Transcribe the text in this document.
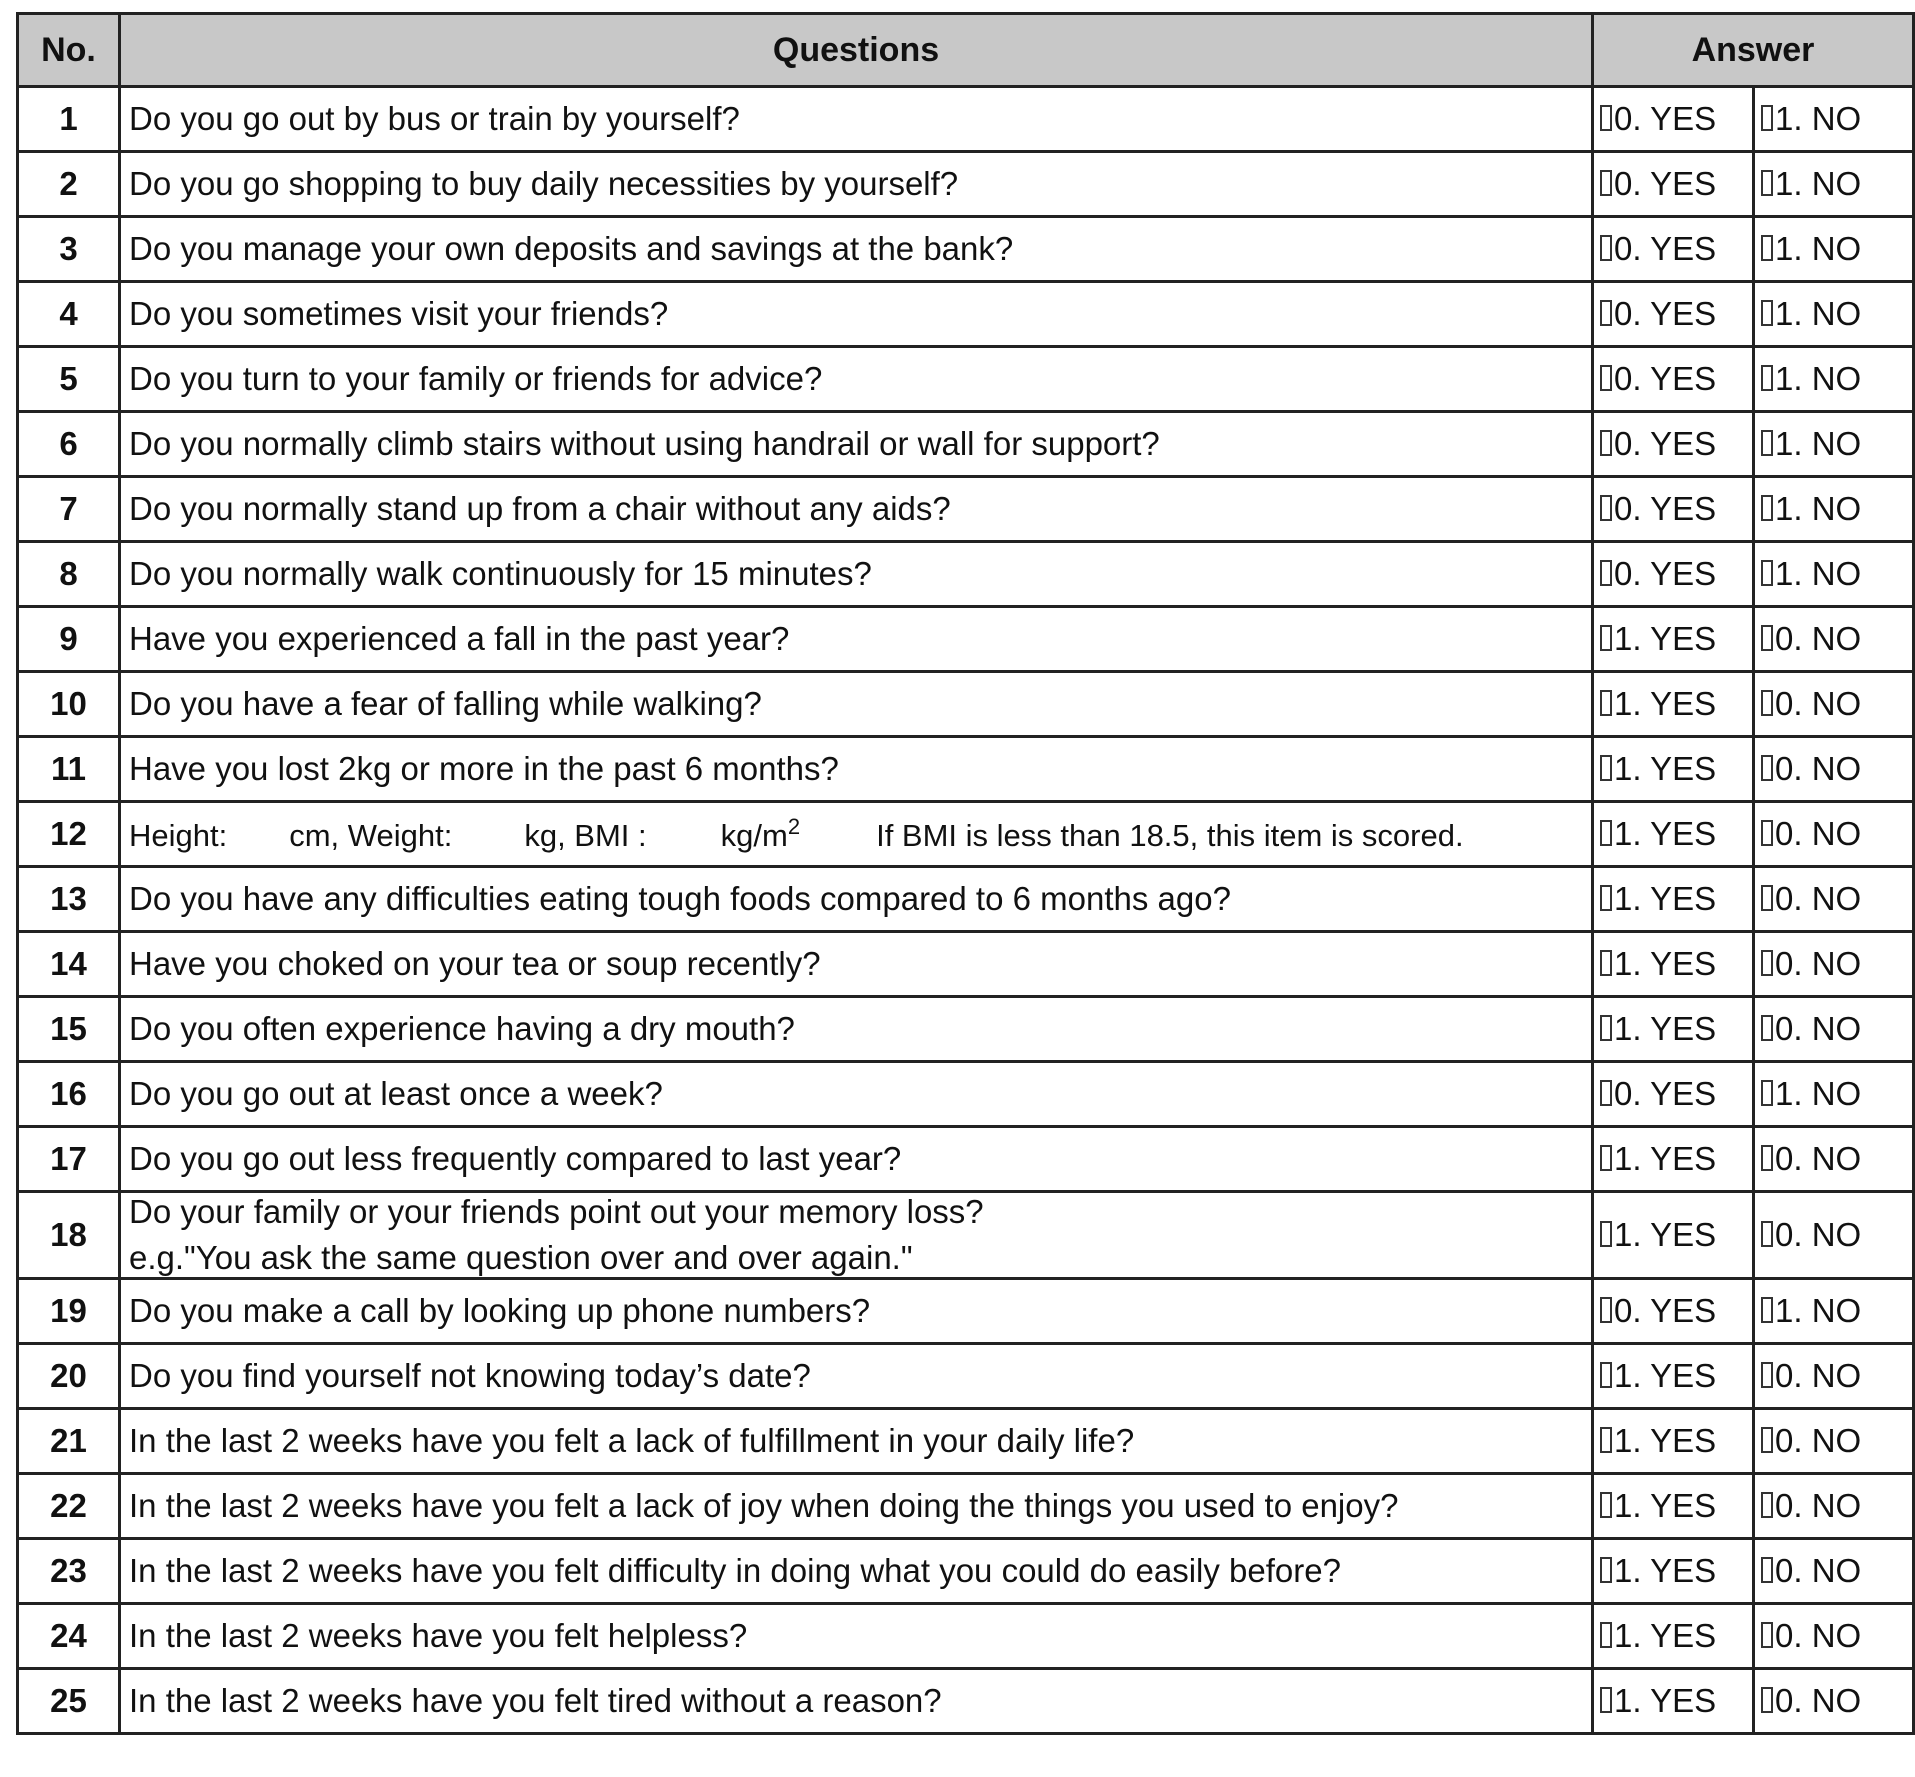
No.	Questions	Answer	
1	Do you go out by bus or train by yourself?	0. YES	1. NO
2	Do you go shopping to buy daily necessities by yourself?	0. YES	1. NO
3	Do you manage your own deposits and savings at the bank?	0. YES	1. NO
4	Do you sometimes visit your friends?	0. YES	1. NO
5	Do you turn to your family or friends for advice?	0. YES	1. NO
6	Do you normally climb stairs without using handrail or wall for support?	0. YES	1. NO
7	Do you normally stand up from a chair without any aids?	0. YES	1. NO
8	Do you normally walk continuously for 15 minutes?	0. YES	1. NO
9	Have you experienced a fall in the past year?	1. YES	0. NO
10	Do you have a fear of falling while walking?	1. YES	0. NO
11	Have you lost 2kg or more in the past 6 months?	1. YES	0. NO
12	Height: cm, Weight: kg, BMI : $kg/m^2$ If BMI is less than 18.5, this item is scored.	1. YES	0. NO
13	Do you have any difficulties eating tough foods compared to 6 months ago?	1. YES	0. NO
14	Have you choked on your tea or soup recently?	1. YES	0. NO
15	Do you often experience having a dry mouth?	1. YES	0. NO
16	Do you go out at least once a week?	0. YES	1. NO
17	Do you go out less frequently compared to last year?	1. YES	0. NO
18	Do your family or your friends point out your memory loss?
e.g."You ask the same question over and over again."	1. YES	0. NO
19	Do you make a call by looking up phone numbers?	0. YES	1. NO
20	Do you find yourself not knowing today’s date?	1. YES	0. NO
21	In the last 2 weeks have you felt a lack of fulfillment in your daily life?	1. YES	0. NO
22	In the last 2 weeks have you felt a lack of joy when doing the things you used to enjoy?	1. YES	0. NO
23	In the last 2 weeks have you felt difficulty in doing what you could do easily before?	1. YES	0. NO
24	In the last 2 weeks have you felt helpless?	1. YES	0. NO
25	In the last 2 weeks have you felt tired without a reason?	1. YES	0. NO
